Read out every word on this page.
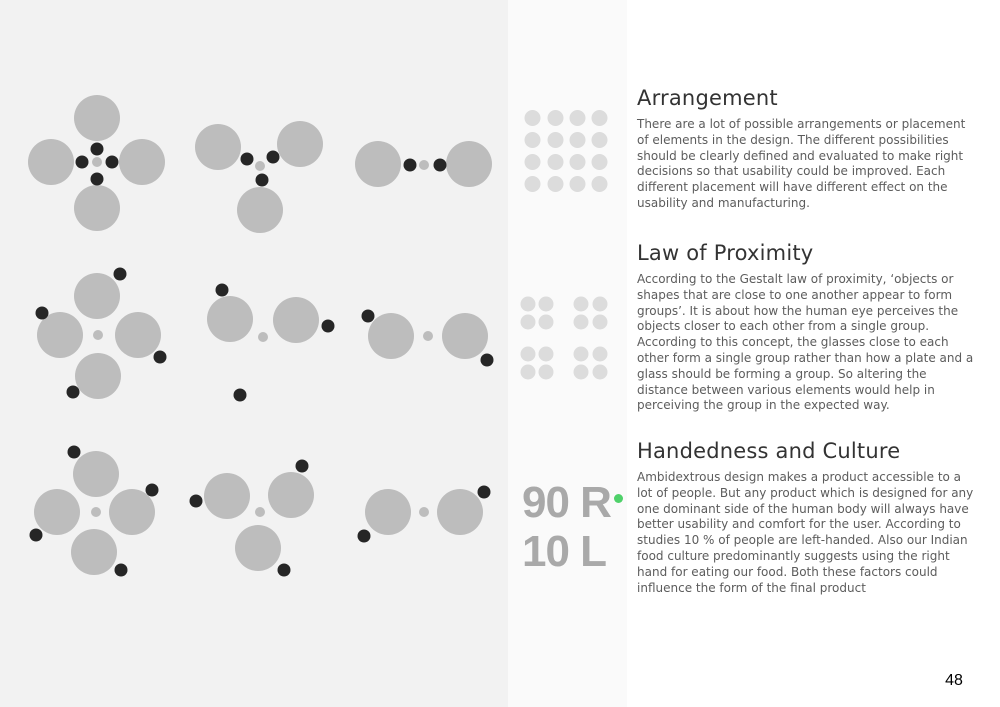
90 R
10 L
Arrangement

There are a lot of possible arrangements or placement of elements in the design. The different possibilities should be clearly defined and evaluated to make right decisions so that usability could be improved. Each different placement will have different effect on the usability and manufacturing.

Law of Proximity

According to the Gestalt law of proximity, ‘objects or shapes that are close to one another appear to form groups’. It is about how the human eye perceives the objects closer to each other from a single group. According to this concept, the glasses close to each other form a single group rather than how a plate and a glass should be forming a group. So altering the distance between various elements would help in perceiving the group in the expected way.

Handedness and Culture

Ambidextrous design makes a product accessible to a lot of people. But any product which is designed for any one dominant side of the human body will always have better usability and comfort for the user. According to studies 10 % of people are left-handed. Also our Indian food culture predominantly suggests using the right hand for eating our food. Both these factors could influence the form of the final product

48
